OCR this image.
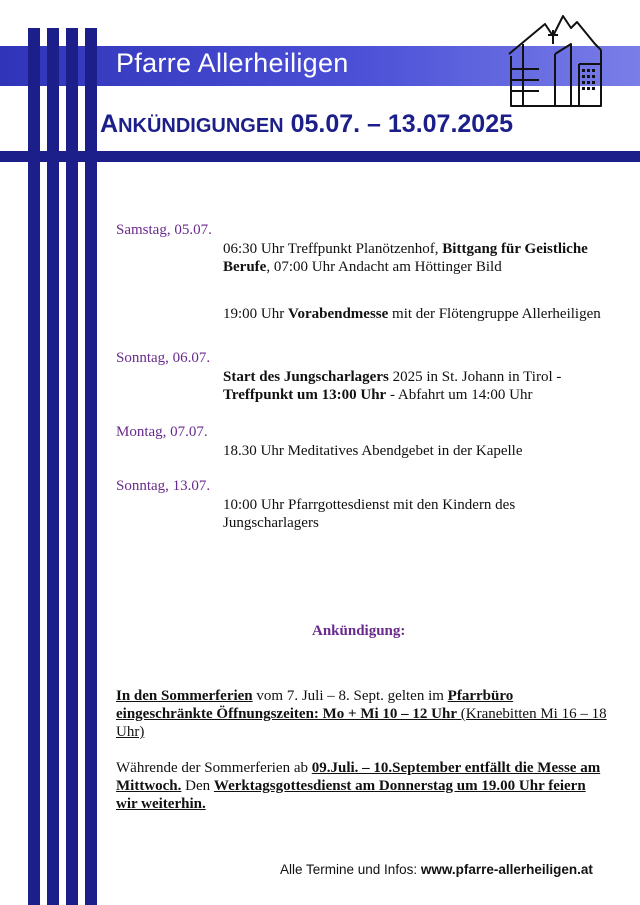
Pfarre Allerheiligen
ANKÜNDIGUNGEN 05.07. – 13.07.2025
Samstag, 05.07.
06:30 Uhr Treffpunkt Planötzenhof, Bittgang für Geistliche Berufe, 07:00 Uhr Andacht am Höttinger Bild
19:00 Uhr Vorabendmesse mit der Flötengruppe Allerheiligen
Sonntag, 06.07.
Start des Jungscharlagers 2025 in St. Johann in Tirol - Treffpunkt um 13:00 Uhr - Abfahrt um 14:00 Uhr
Montag, 07.07.
18.30 Uhr Meditatives Abendgebet in der Kapelle
Sonntag, 13.07.
10:00 Uhr Pfarrgottesdienst mit den Kindern des Jungscharlagers
Ankündigung:
In den Sommerferien vom 7. Juli – 8. Sept. gelten im Pfarrbüro eingeschränkte Öffnungszeiten: Mo + Mi 10 – 12 Uhr (Kranebitten Mi 16 – 18 Uhr)
Währende der Sommerferien ab 09.Juli. – 10.September entfällt die Messe am Mittwoch. Den Werktagsgottesdienst am Donnerstag um 19.00 Uhr feiern wir weiterhin.
Alle Termine und Infos: www.pfarre-allerheiligen.at
